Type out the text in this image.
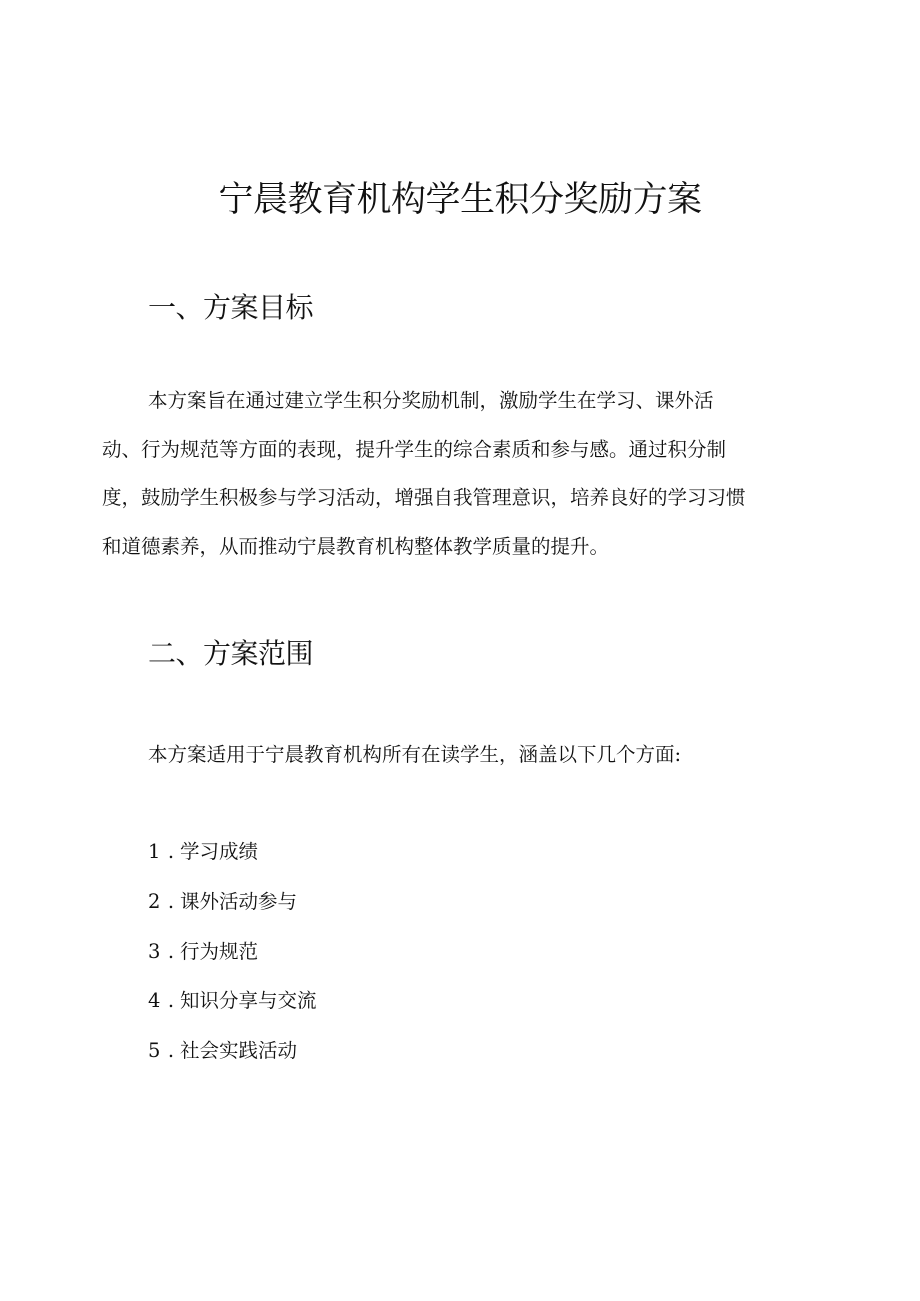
宁晨教育机构学生积分奖励方案
一、方案目标

本方案旨在通过建立学生积分奖励机制，激励学生在学习、课外活

动、行为规范等方面的表现，提升学生的综合素质和参与感。通过积分制

度，鼓励学生积极参与学习活动，增强自我管理意识，培养良好的学习习惯

和道德素养，从而推动宁晨教育机构整体教学质量的提升。

二、方案范围

本方案适用于宁晨教育机构所有在读学生，涵盖以下几个方面:

1 . 学习成绩
2 . 课外活动参与
3 . 行为规范
4 . 知识分享与交流
5 . 社会实践活动
